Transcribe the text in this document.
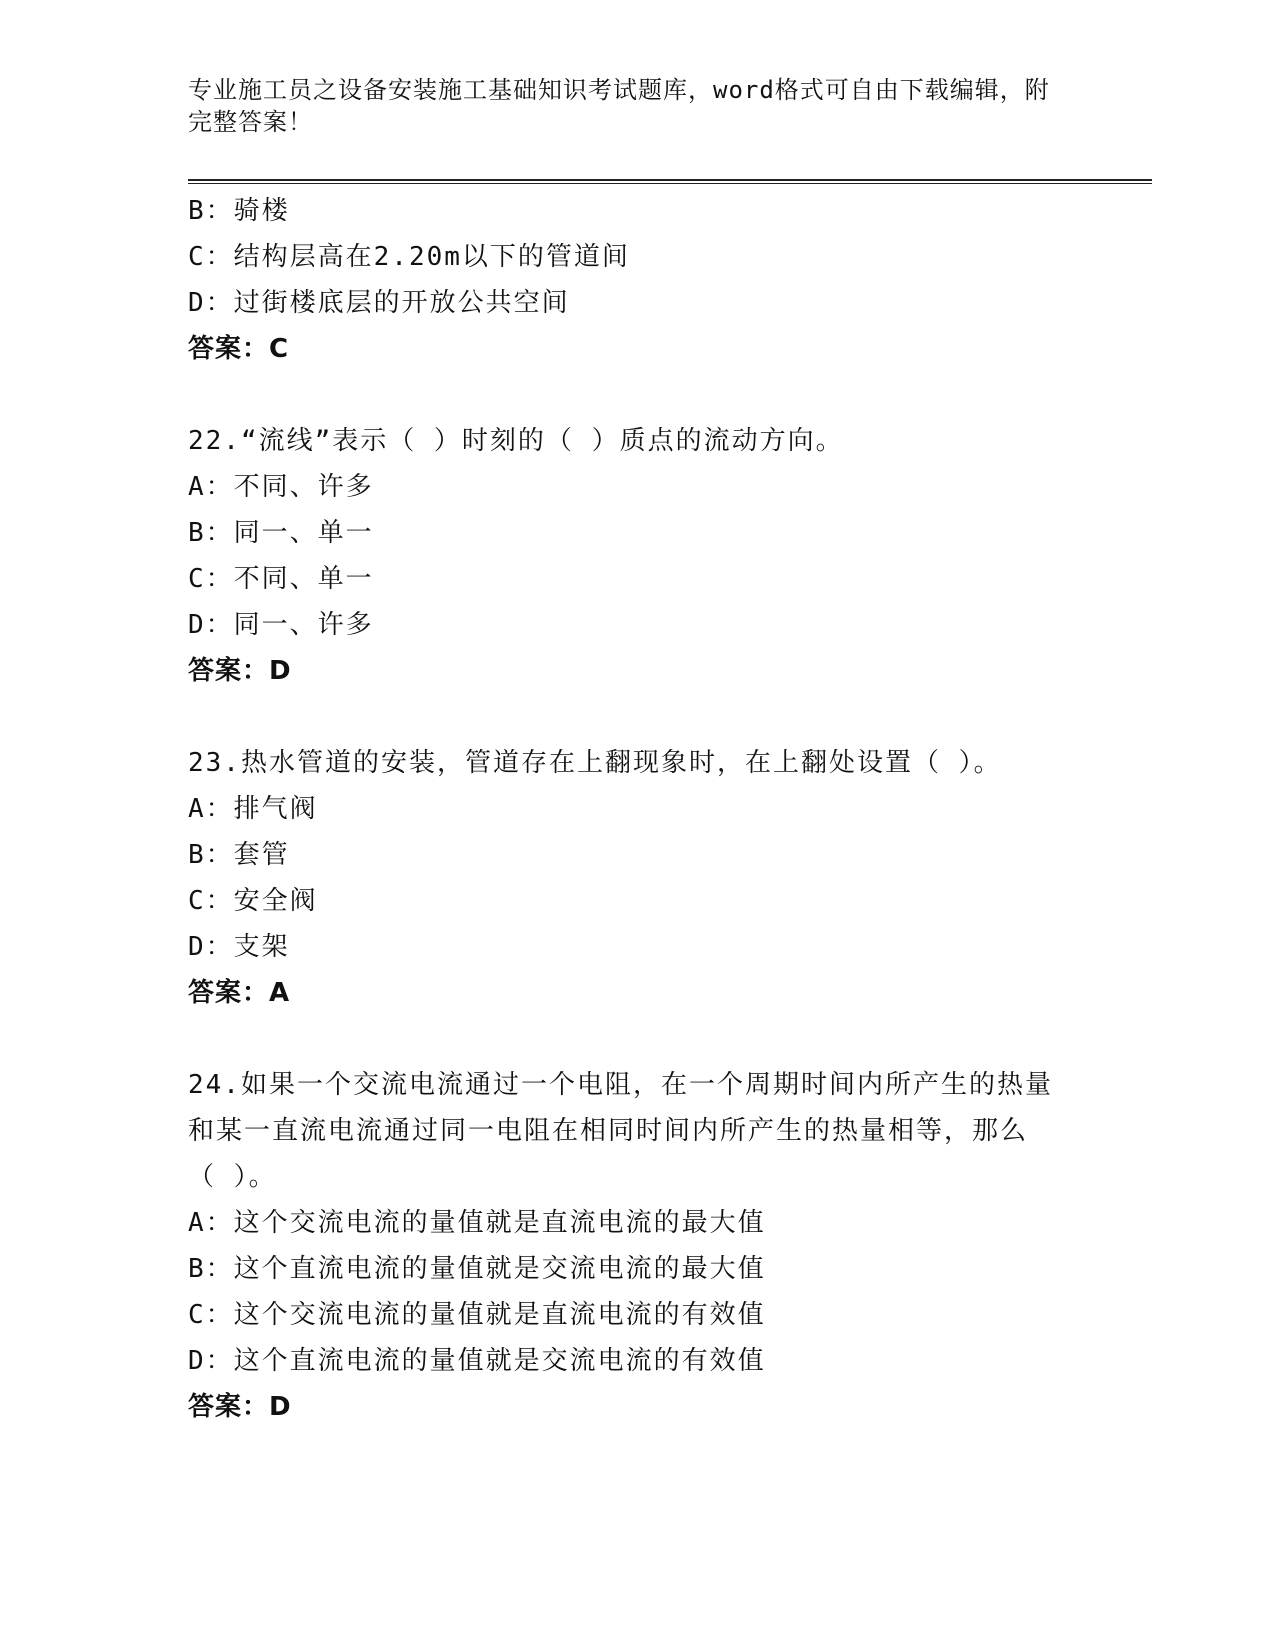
专业施工员之设备安装施工基础知识考试题库，word格式可自由下载编辑，附完整答案！

B：骑楼

C：结构层高在2.20m以下的管道间

D：过街楼底层的开放公共空间

答案：C

22.“流线”表示（ ）时刻的（ ）质点的流动方向。

A：不同、许多

B：同一、单一

C：不同、单一

D：同一、许多

答案：D

23.热水管道的安装，管道存在上翻现象时，在上翻处设置（ ）。

A：排气阀

B：套管

C：安全阀

D：支架

答案：A

24.如果一个交流电流通过一个电阻，在一个周期时间内所产生的热量

和某一直流电流通过同一电阻在相同时间内所产生的热量相等，那么

（ ）。

A：这个交流电流的量值就是直流电流的最大值

B：这个直流电流的量值就是交流电流的最大值

C：这个交流电流的量值就是直流电流的有效值

D：这个直流电流的量值就是交流电流的有效值

答案：D
